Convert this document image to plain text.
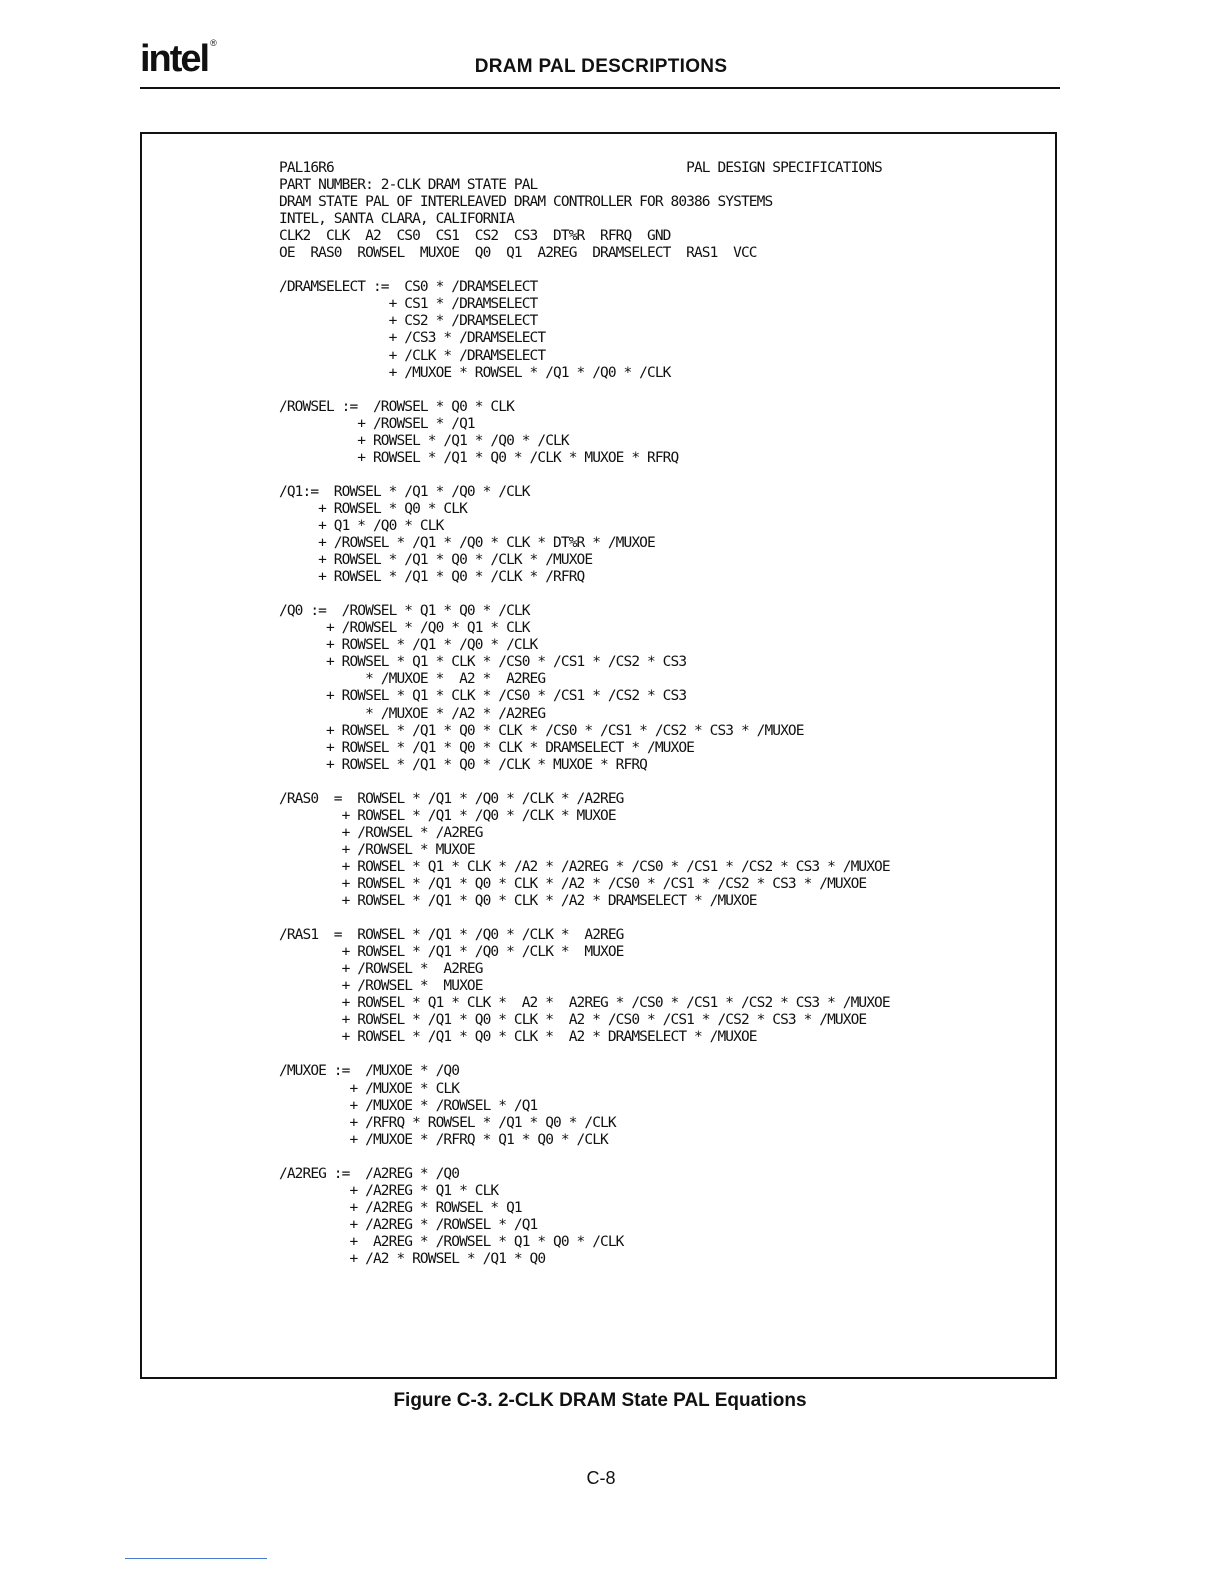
intel ®
DRAM PAL DESCRIPTIONS
PAL16R6                                             PAL DESIGN SPECIFICATIONS
PART NUMBER: 2-CLK DRAM STATE PAL
DRAM STATE PAL OF INTERLEAVED DRAM CONTROLLER FOR 80386 SYSTEMS
INTEL, SANTA CLARA, CALIFORNIA
CLK2  CLK  A2  CS0  CS1  CS2  CS3  DT%R  RFRQ  GND
OE  RAS0  ROWSEL  MUXOE  Q0  Q1  A2REG  DRAMSELECT  RAS1  VCC

/DRAMSELECT :=  CS0 * /DRAMSELECT
+ CS1 * /DRAMSELECT
+ CS2 * /DRAMSELECT
+ /CS3 * /DRAMSELECT
+ /CLK * /DRAMSELECT
+ /MUXOE * ROWSEL * /Q1 * /Q0 * /CLK

/ROWSEL :=  /ROWSEL * Q0 * CLK
+ /ROWSEL * /Q1
+ ROWSEL * /Q1 * /Q0 * /CLK
+ ROWSEL * /Q1 * Q0 * /CLK * MUXOE * RFRQ

/Q1:=  ROWSEL * /Q1 * /Q0 * /CLK
+ ROWSEL * Q0 * CLK
+ Q1 * /Q0 * CLK
+ /ROWSEL * /Q1 * /Q0 * CLK * DT%R * /MUXOE
+ ROWSEL * /Q1 * Q0 * /CLK * /MUXOE
+ ROWSEL * /Q1 * Q0 * /CLK * /RFRQ

/Q0 :=  /ROWSEL * Q1 * Q0 * /CLK
+ /ROWSEL * /Q0 * Q1 * CLK
+ ROWSEL * /Q1 * /Q0 * /CLK
+ ROWSEL * Q1 * CLK * /CS0 * /CS1 * /CS2 * CS3
* /MUXOE *  A2 *  A2REG
+ ROWSEL * Q1 * CLK * /CS0 * /CS1 * /CS2 * CS3
* /MUXOE * /A2 * /A2REG
+ ROWSEL * /Q1 * Q0 * CLK * /CS0 * /CS1 * /CS2 * CS3 * /MUXOE
+ ROWSEL * /Q1 * Q0 * CLK * DRAMSELECT * /MUXOE
+ ROWSEL * /Q1 * Q0 * /CLK * MUXOE * RFRQ

/RAS0  =  ROWSEL * /Q1 * /Q0 * /CLK * /A2REG
+ ROWSEL * /Q1 * /Q0 * /CLK * MUXOE
+ /ROWSEL * /A2REG
+ /ROWSEL * MUXOE
+ ROWSEL * Q1 * CLK * /A2 * /A2REG * /CS0 * /CS1 * /CS2 * CS3 * /MUXOE
+ ROWSEL * /Q1 * Q0 * CLK * /A2 * /CS0 * /CS1 * /CS2 * CS3 * /MUXOE
+ ROWSEL * /Q1 * Q0 * CLK * /A2 * DRAMSELECT * /MUXOE

/RAS1  =  ROWSEL * /Q1 * /Q0 * /CLK *  A2REG
+ ROWSEL * /Q1 * /Q0 * /CLK *  MUXOE
+ /ROWSEL *  A2REG
+ /ROWSEL *  MUXOE
+ ROWSEL * Q1 * CLK *  A2 *  A2REG * /CS0 * /CS1 * /CS2 * CS3 * /MUXOE
+ ROWSEL * /Q1 * Q0 * CLK *  A2 * /CS0 * /CS1 * /CS2 * CS3 * /MUXOE
+ ROWSEL * /Q1 * Q0 * CLK *  A2 * DRAMSELECT * /MUXOE

/MUXOE :=  /MUXOE * /Q0
+ /MUXOE * CLK
+ /MUXOE * /ROWSEL * /Q1
+ /RFRQ * ROWSEL * /Q1 * Q0 * /CLK
+ /MUXOE * /RFRQ * Q1 * Q0 * /CLK

/A2REG :=  /A2REG * /Q0
+ /A2REG * Q1 * CLK
+ /A2REG * ROWSEL * Q1
+ /A2REG * /ROWSEL * /Q1
+  A2REG * /ROWSEL * Q1 * Q0 * /CLK
+ /A2 * ROWSEL * /Q1 * Q0

Figure C-3. 2-CLK DRAM State PAL Equations
C-8
